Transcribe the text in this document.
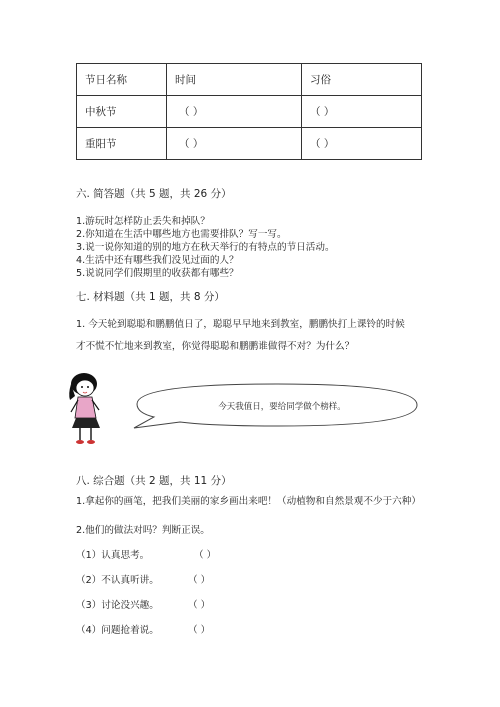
节日名称	时间	习俗
中秋节	（ ）	（ ）
重阳节	（ ）	（ ）
六. 简答题（共 5 题，共 26 分）
1.游玩时怎样防止丢失和掉队？
2.你知道在生活中哪些地方也需要排队？写一写。
3.说一说你知道的别的地方在秋天举行的有特点的节日活动。
4.生活中还有哪些我们没见过面的人？
5.说说同学们假期里的收获都有哪些？
七. 材料题（共 1 题，共 8 分）
1. 今天轮到聪聪和鹏鹏值日了，聪聪早早地来到教室，鹏鹏快打上课铃的时候
才不慌不忙地来到教室，你觉得聪聪和鹏鹏谁做得不对？为什么？
今天我值日，要给同学做个榜样。
八. 综合题（共 2 题，共 11 分）
1.拿起你的画笔，把我们美丽的家乡画出来吧！（动植物和自然景观不少于六种）
2.他们的做法对吗？判断正误。
（1）认真思考。	（ ）
（2）不认真听讲。	（ ）
（3）讨论没兴趣。	（ ）
（4）问题抢着说。	（ ）
